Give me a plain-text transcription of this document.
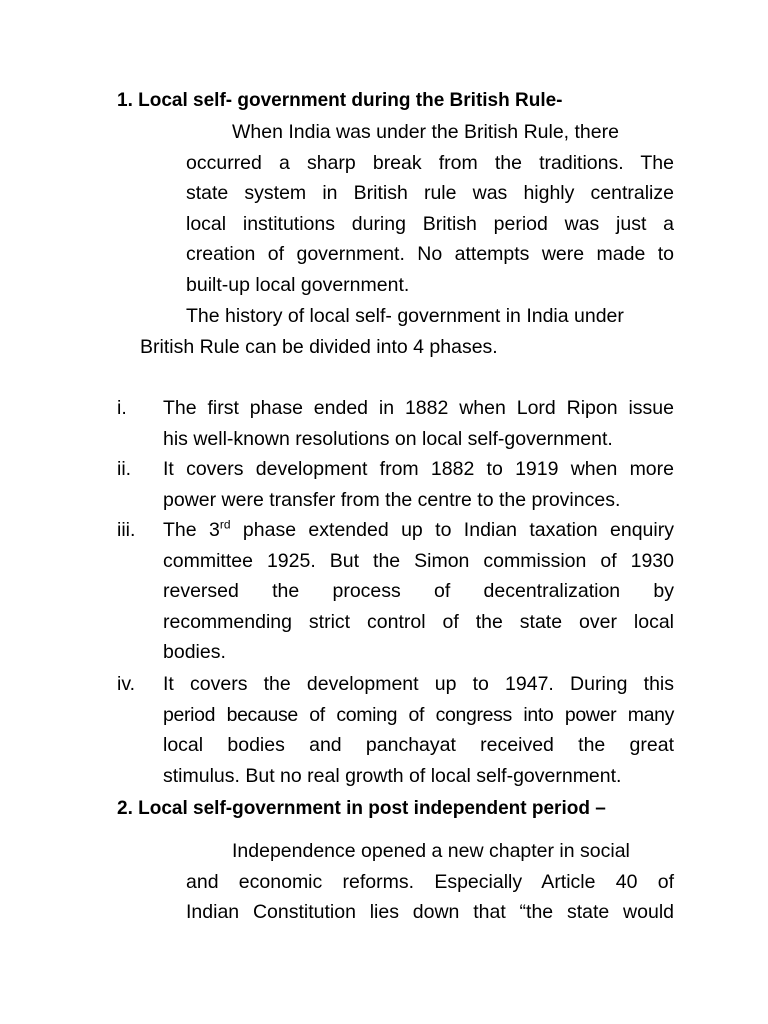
1. Local self- government during the British Rule-
When India was under the British Rule, there
occurred a sharp break from the traditions. The
state system in British rule was highly centralize
local institutions during British period was just a
creation of government. No attempts were made to
built-up local government.
The history of local self- government in India under
British Rule can be divided into 4 phases.
i. The first phase ended in 1882 when Lord Ripon issue
his well-known resolutions on local self-government.
ii. It covers development from 1882 to 1919 when more
power were transfer from the centre to the provinces.
iii. The 3rd phase extended up to Indian taxation enquiry
committee 1925. But the Simon commission of 1930
reversed the process of decentralization by
recommending strict control of the state over local
bodies.
iv. It covers the development up to 1947. During this
period because of coming of congress into power many
local bodies and panchayat received the great
stimulus. But no real growth of local self-government.
2. Local self-government in post independent period –
Independence opened a new chapter in social
and economic reforms. Especially Article 40 of
Indian Constitution lies down that “the state would
